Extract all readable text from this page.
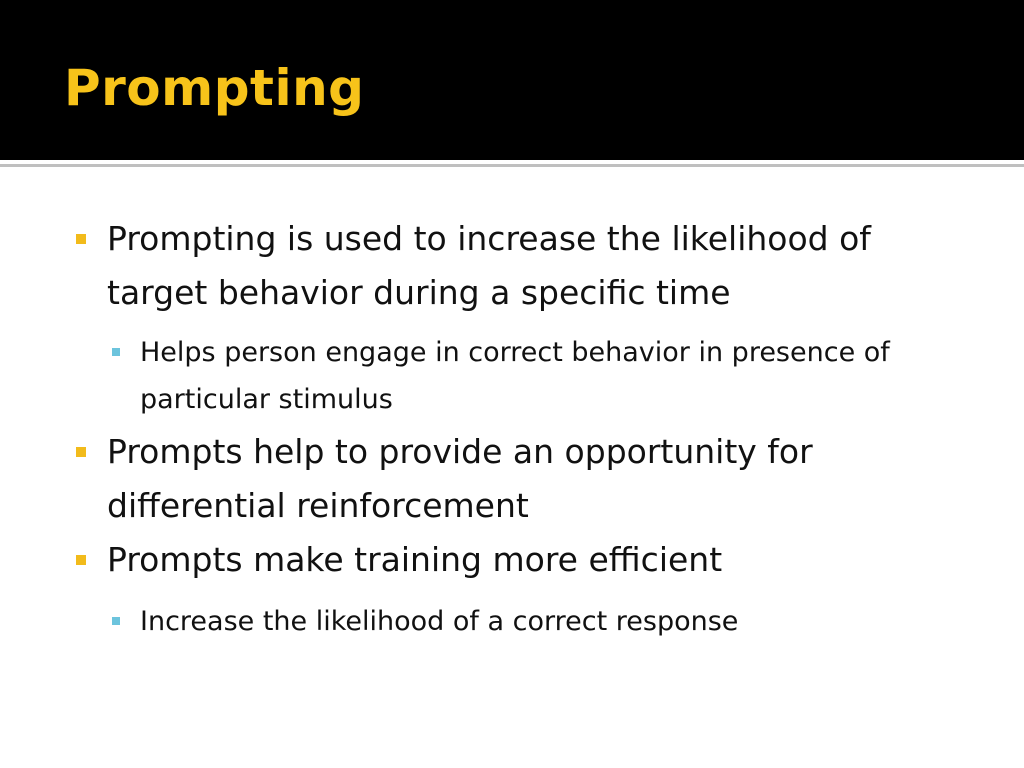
Prompting

Prompting is used to increase the likelihood of target behavior during a specific time

Helps person engage in correct behavior in presence of particular stimulus

Prompts help to provide an opportunity for differential reinforcement

Prompts make training more efficient

Increase the likelihood of a correct response
